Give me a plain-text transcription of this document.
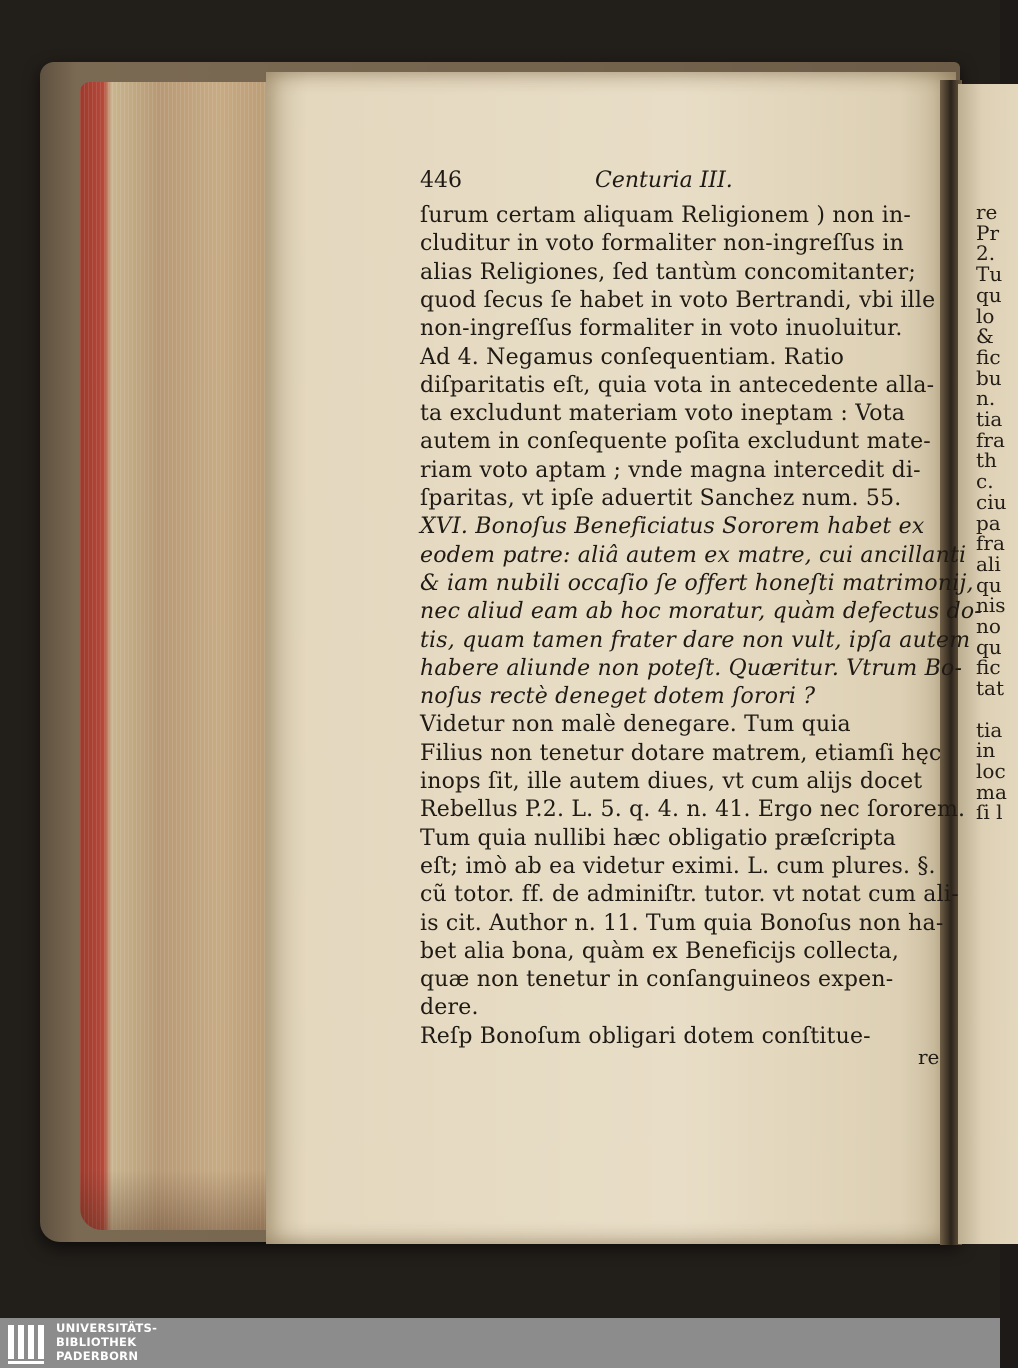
446	Centuria III.
ſurum certam aliquam Religionem ) non in-
cluditur in voto formaliter non-ingreſſus in
alias Religiones, ſed tantùm concomitanter;
quod ſecus ſe habet in voto Bertrandi, vbi ille
non-ingreſſus formaliter in voto inuoluitur.
Ad 4. Negamus conſequentiam. Ratio
diſparitatis eſt, quia vota in antecedente alla-
ta excludunt materiam voto ineptam : Vota
autem in conſequente poſita excludunt mate-
riam voto aptam ; vnde magna intercedit di-
ſparitas, vt ipſe aduertit Sanchez num. 55.
XVI. Bonoſus Beneficiatus Sororem habet ex
eodem patre: aliâ autem ex matre, cui ancillanti
& iam nubili occaſio ſe offert honeſti matrimonij,
nec aliud eam ab hoc moratur, quàm defectus do-
tis, quam tamen frater dare non vult, ipſa autem
habere aliunde non poteſt. Quæritur. Vtrum Bo-
noſus rectè deneget dotem ſorori ?
Videtur non malè denegare. Tum quia
Filius non tenetur dotare matrem, etiamſi hęc
inops ſit, ille autem diues, vt cum alijs docet
Rebellus P.2. L. 5. q. 4. n. 41. Ergo nec ſororem.
Tum quia nullibi hæc obligatio præſcripta
eſt; imò ab ea videtur eximi. L. cum plures. §.
cũ totor. ff. de adminiſtr. tutor. vt notat cum ali-
is cit. Author n. 11. Tum quia Bonoſus non ha-
bet alia bona, quàm ex Beneficijs collecta,
quæ non tenetur in conſanguineos expen-
dere.
Reſp Bonoſum obligari dotem conſtitue-
re
re
Pr
2.
Tu
qu
lo
&
fic
bu
n.
tia
fra
th
c.
ciu
pa
fra
ali
qu
nis
no
qu
fic
tat
tia
in
loc
ma
ſi l
UNIVERSITÄTS-
BIBLIOTHEK
PADERBORN
